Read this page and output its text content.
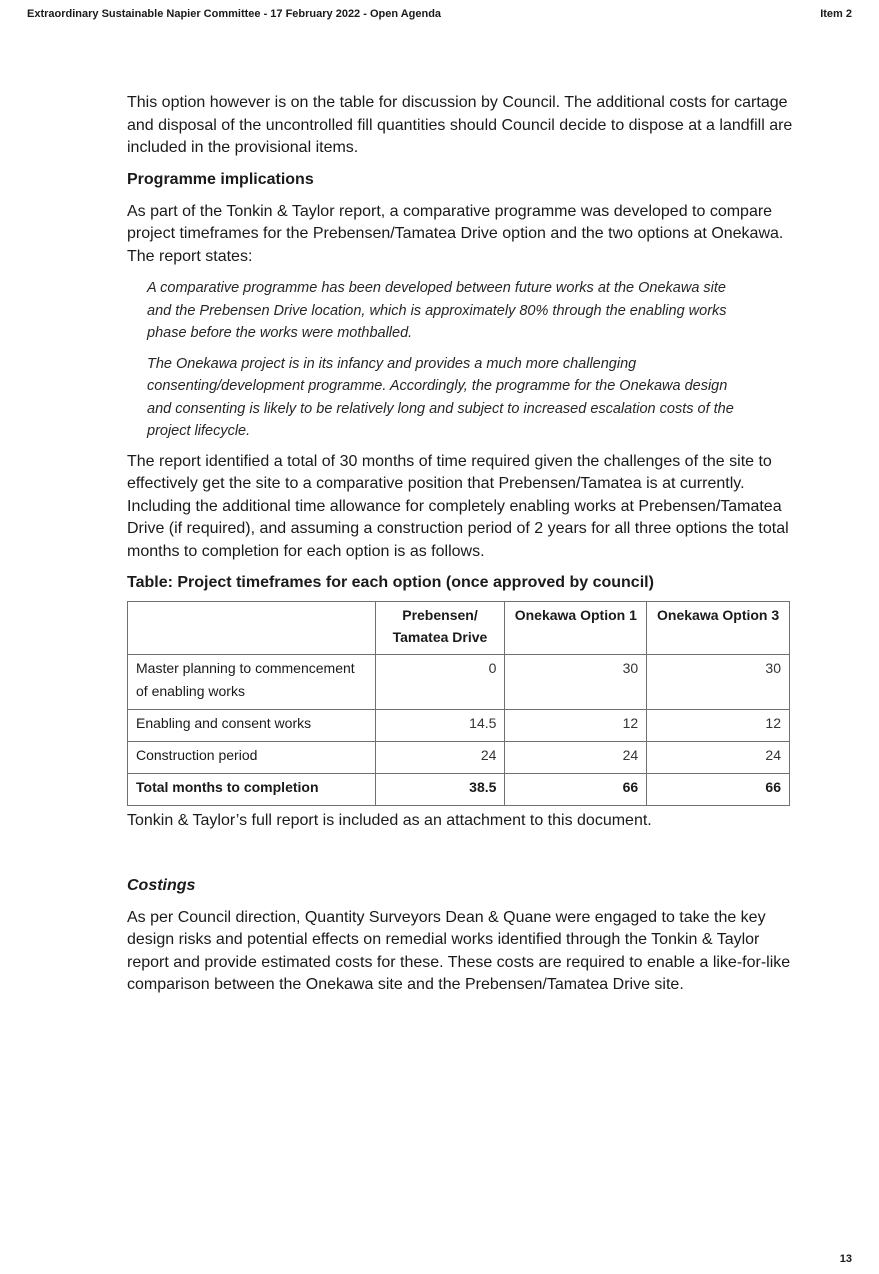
Extraordinary Sustainable Napier Committee - 17 February 2022 - Open Agenda	Item 2

This option however is on the table for discussion by Council. The additional costs for cartage and disposal of the uncontrolled fill quantities should Council decide to dispose at a landfill are included in the provisional items.

Programme implications

As part of the Tonkin & Taylor report, a comparative programme was developed to compare project timeframes for the Prebensen/Tamatea Drive option and the two options at Onekawa. The report states:

A comparative programme has been developed between future works at the Onekawa site and the Prebensen Drive location, which is approximately 80% through the enabling works phase before the works were mothballed.

The Onekawa project is in its infancy and provides a much more challenging consenting/development programme. Accordingly, the programme for the Onekawa design and consenting is likely to be relatively long and subject to increased escalation costs of the project lifecycle.

The report identified a total of 30 months of time required given the challenges of the site to effectively get the site to a comparative position that Prebensen/Tamatea is at currently. Including the additional time allowance for completely enabling works at Prebensen/Tamatea Drive (if required), and assuming a construction period of 2 years for all three options the total months to completion for each option is as follows.

Table: Project timeframes for each option (once approved by council)

	Prebensen/ Tamatea Drive	Onekawa Option 1	Onekawa Option 3
Master planning to commencement of enabling works	0	30	30
Enabling and consent works	14.5	12	12
Construction period	24	24	24
Total months to completion	38.5	66	66

Tonkin & Taylor’s full report is included as an attachment to this document.

Costings

As per Council direction, Quantity Surveyors Dean & Quane were engaged to take the key design risks and potential effects on remedial works identified through the Tonkin & Taylor report and provide estimated costs for these. These costs are required to enable a like-for-like comparison between the Onekawa site and the Prebensen/Tamatea Drive site.

13
